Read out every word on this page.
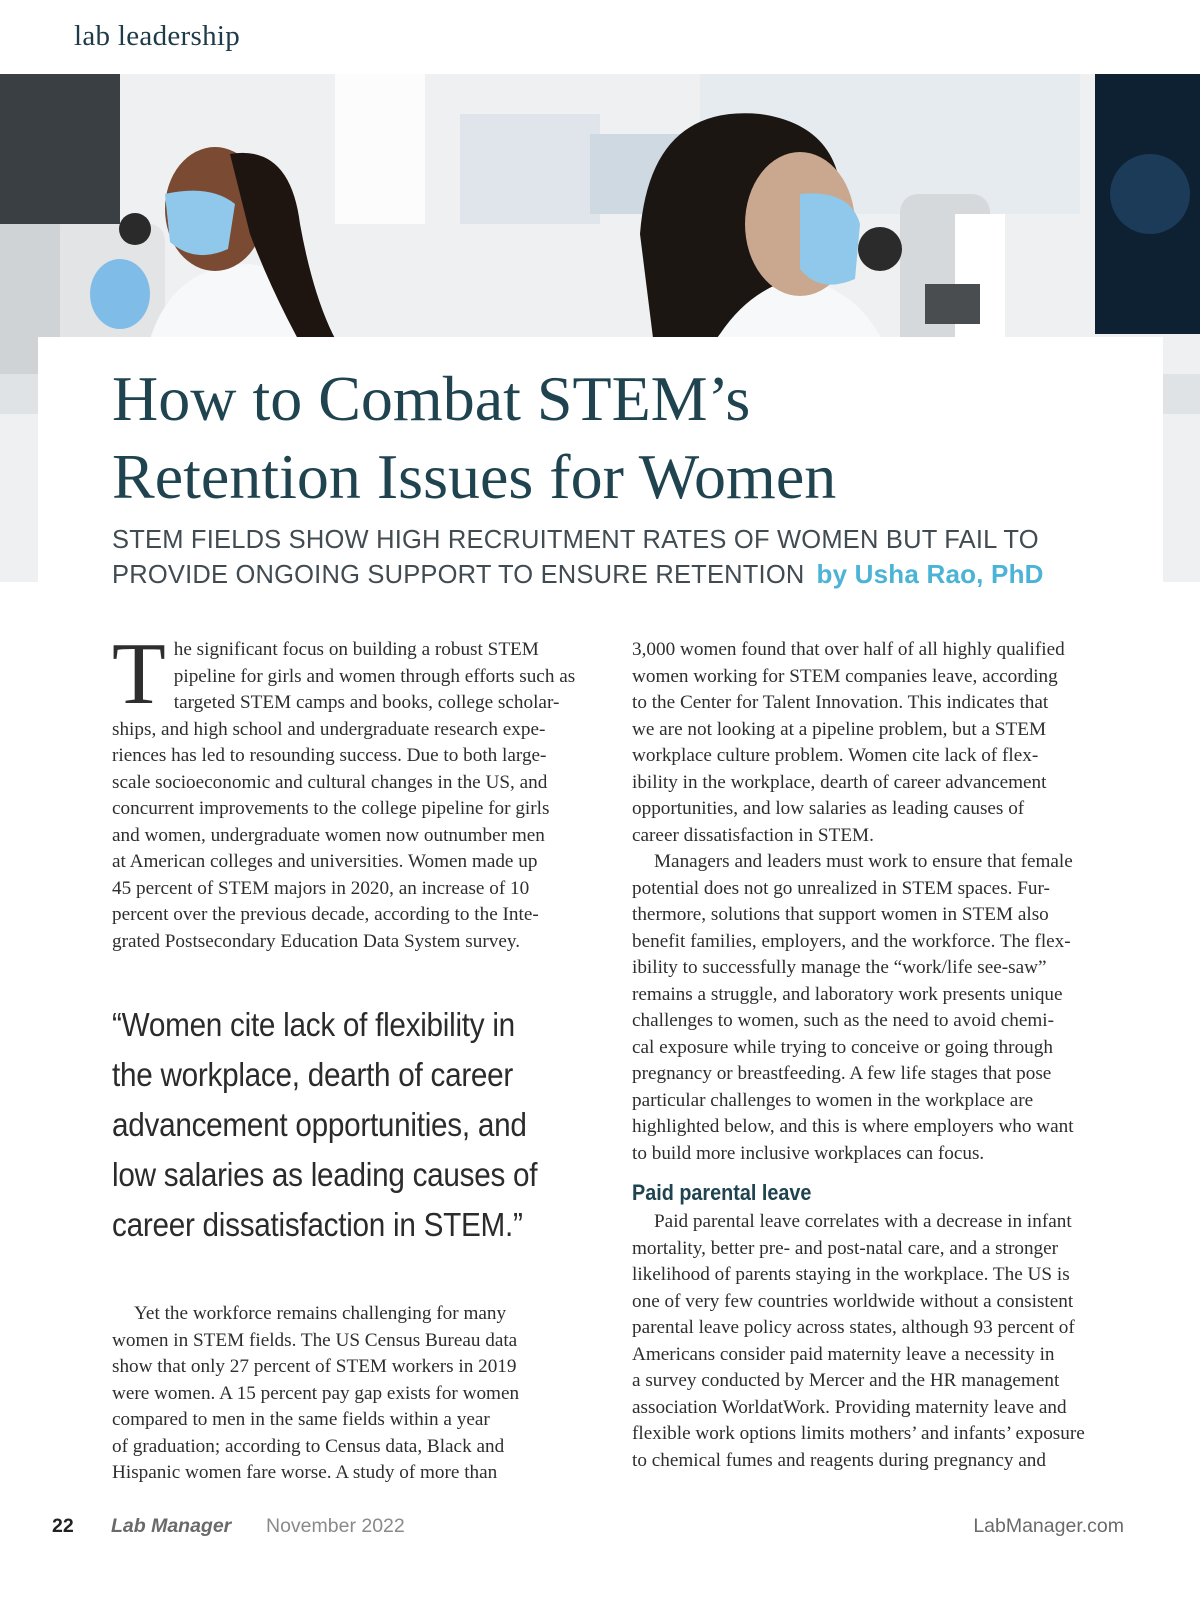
lab leadership
How to Combat STEM’s
Retention Issues for Women
STEM FIELDS SHOW HIGH RECRUITMENT RATES OF WOMEN BUT FAIL TO
PROVIDE ONGOING SUPPORT TO ENSURE RETENTION by Usha Rao, PhD
T he significant focus on building a robust STEM
pipeline for girls and women through efforts such as
targeted STEM camps and books, college scholar-
ships, and high school and undergraduate research expe-
riences has led to resounding success. Due to both large-
scale socioeconomic and cultural changes in the US, and
concurrent improvements to the college pipeline for girls
and women, undergraduate women now outnumber men
at American colleges and universities. Women made up
45 percent of STEM majors in 2020, an increase of 10
percent over the previous decade, according to the Inte-
grated Postsecondary Education Data System survey.
“Women cite lack of flexibility in
the workplace, dearth of career
advancement opportunities, and
low salaries as leading causes of
career dissatisfaction in STEM.”
Yet the workforce remains challenging for many
women in STEM fields. The US Census Bureau data
show that only 27 percent of STEM workers in 2019
were women. A 15 percent pay gap exists for women
compared to men in the same fields within a year
of graduation; according to Census data, Black and
Hispanic women fare worse. A study of more than
3,000 women found that over half of all highly qualified
women working for STEM companies leave, according
to the Center for Talent Innovation. This indicates that
we are not looking at a pipeline problem, but a STEM
workplace culture problem. Women cite lack of flex-
ibility in the workplace, dearth of career advancement
opportunities, and low salaries as leading causes of
career dissatisfaction in STEM.
Managers and leaders must work to ensure that female
potential does not go unrealized in STEM spaces. Fur-
thermore, solutions that support women in STEM also
benefit families, employers, and the workforce. The flex-
ibility to successfully manage the “work/life see-saw”
remains a struggle, and laboratory work presents unique
challenges to women, such as the need to avoid chemi-
cal exposure while trying to conceive or going through
pregnancy or breastfeeding. A few life stages that pose
particular challenges to women in the workplace are
highlighted below, and this is where employers who want
to build more inclusive workplaces can focus.
Paid parental leave
Paid parental leave correlates with a decrease in infant
mortality, better pre- and post-natal care, and a stronger
likelihood of parents staying in the workplace. The US is
one of very few countries worldwide without a consistent
parental leave policy across states, although 93 percent of
Americans consider paid maternity leave a necessity in
a survey conducted by Mercer and the HR management
association WorldatWork. Providing maternity leave and
flexible work options limits mothers’ and infants’ exposure
to chemical fumes and reagents during pregnancy and
22 Lab Manager November 2022	LabManager.com
